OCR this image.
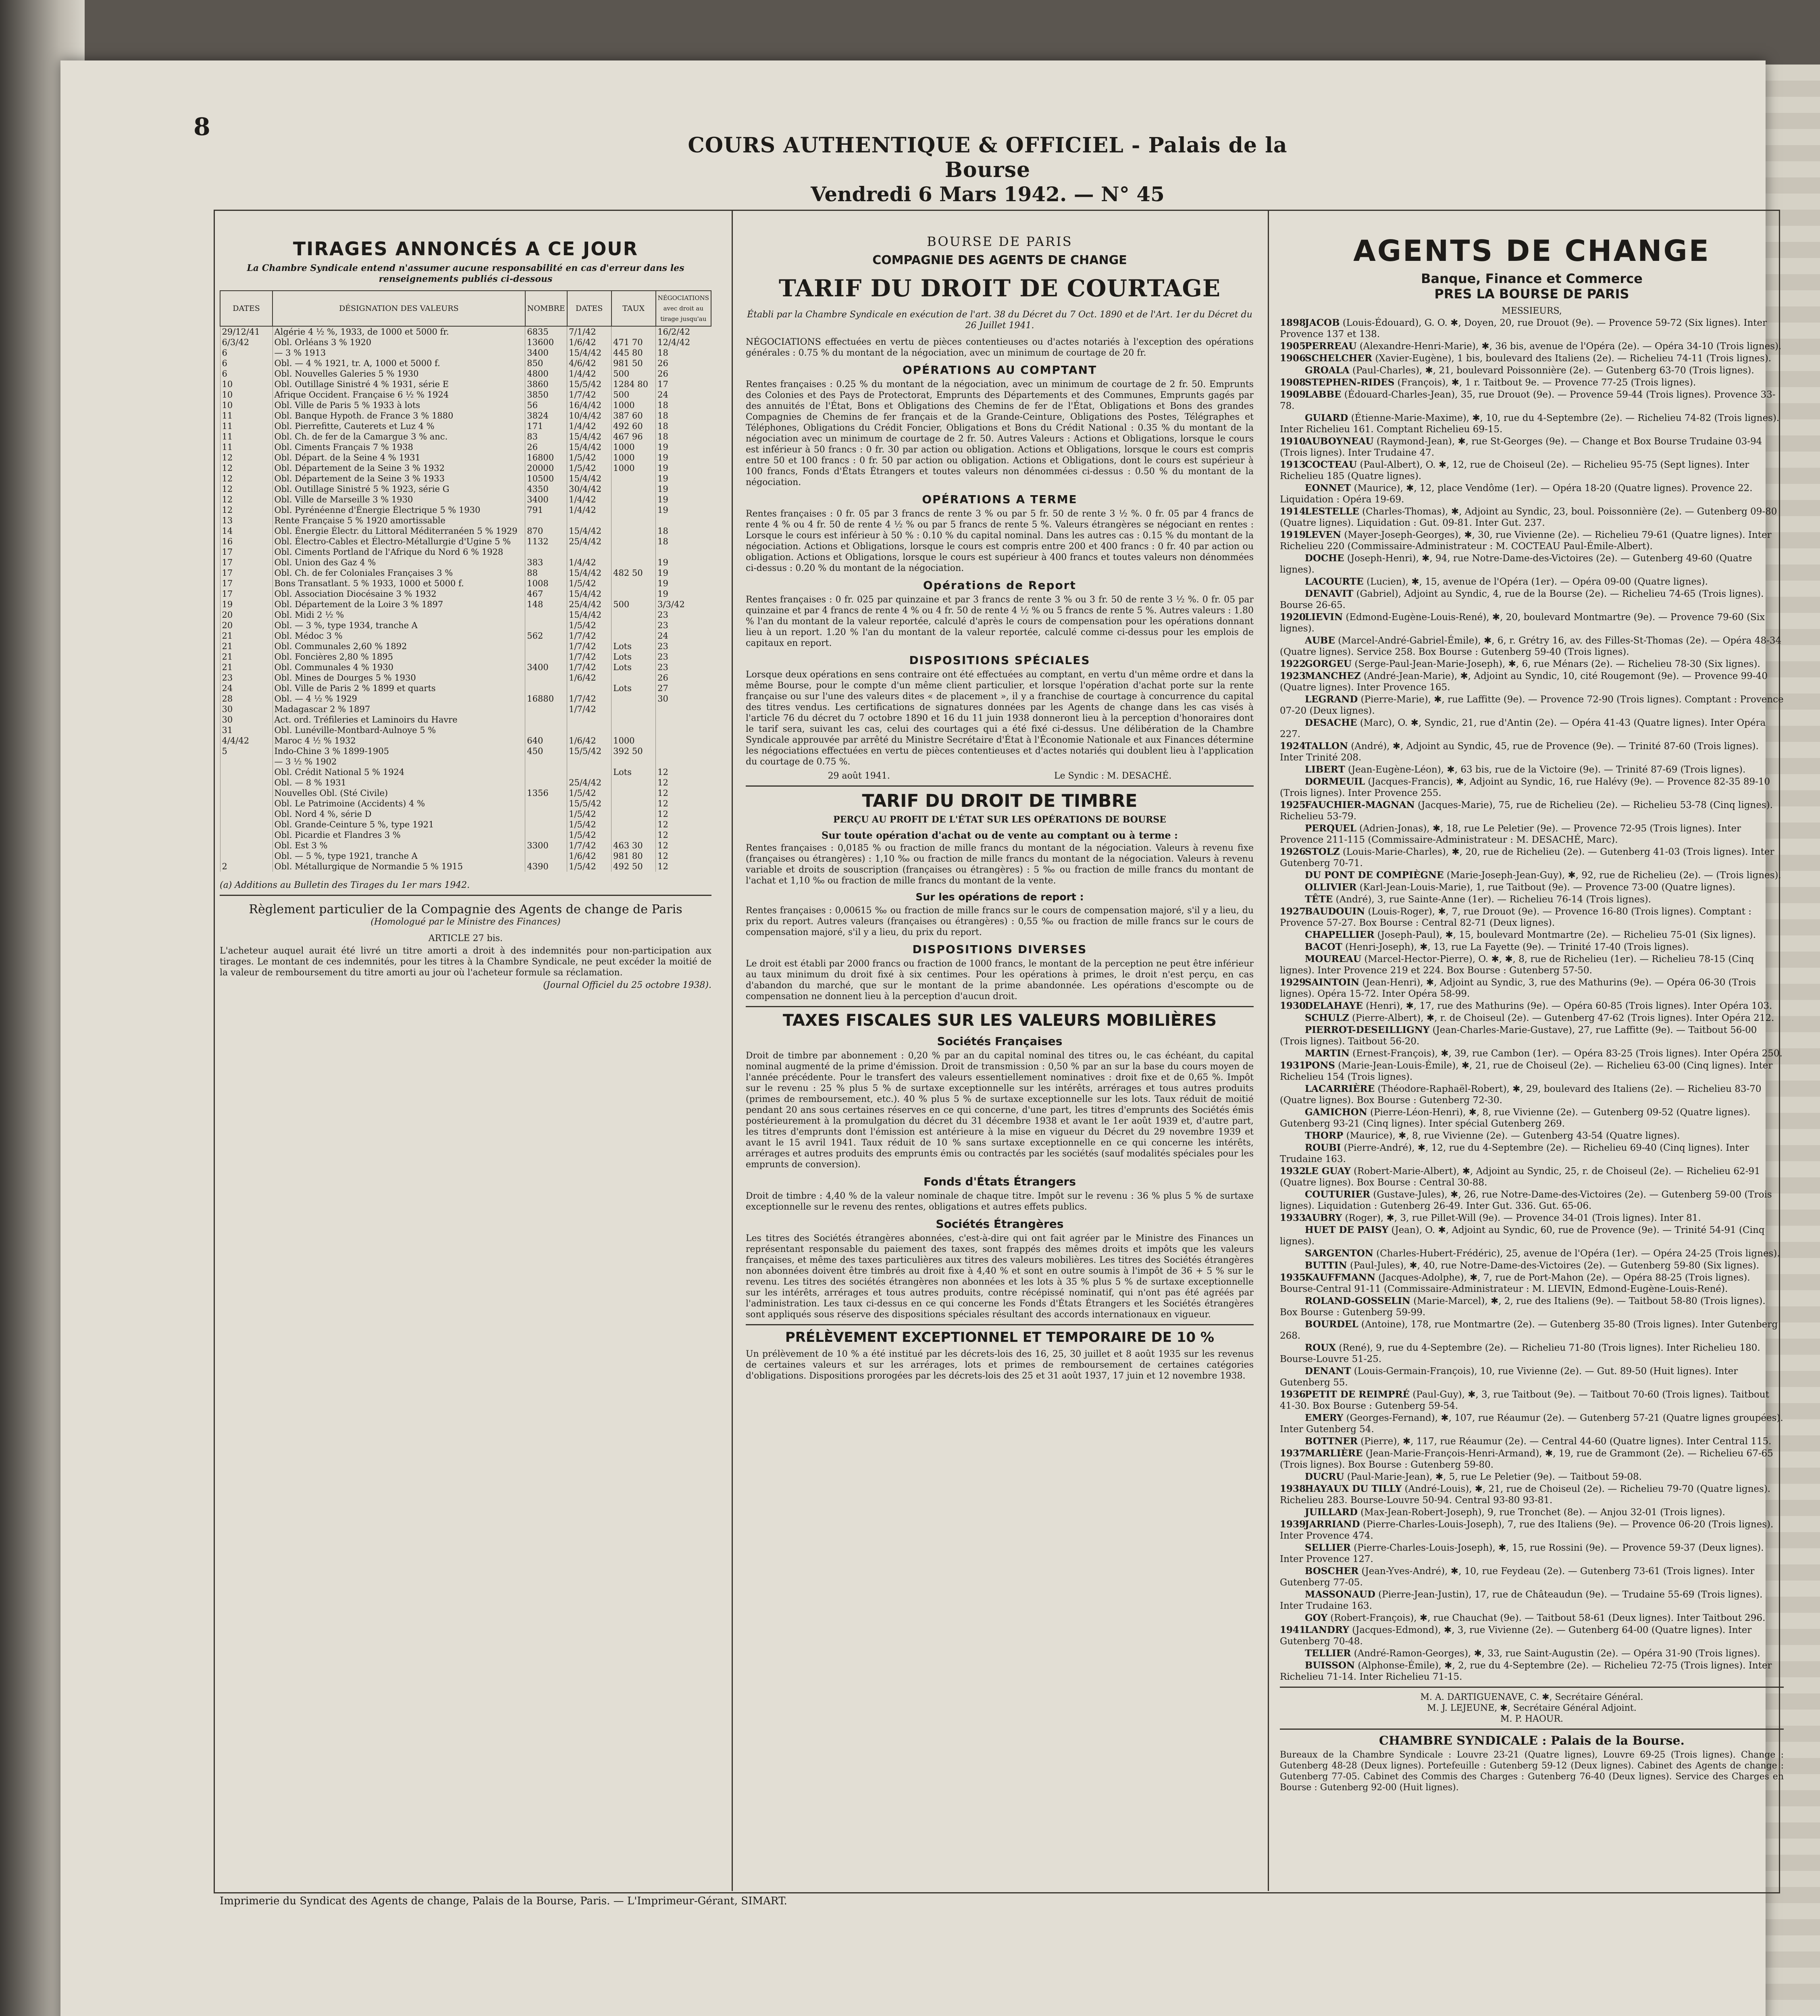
8
COURS AUTHENTIQUE & OFFICIEL - Palais de la Bourse
Vendredi 6 Mars 1942. — N° 45
TIRAGES ANNONCÉS A CE JOUR
La Chambre Syndicale entend n'assumer aucune responsabilité en cas d'erreur dans les renseignements publiés ci-dessous
DATES	DÉSIGNATION DES VALEURS	NOMBRE	DATES	TAUX	NÉGOCIATIONS avec droit au tirage jusqu'au
29/12/41	Algérie 4 ½ %, 1933, de 1000 et 5000 fr.	6835	7/1/42		16/2/42
6/3/42	Obl. Orléans 3 % 1920	13600	1/6/42	471 70	12/4/42
6	— 3 % 1913	3400	15/4/42	445 80	18
6	Obl. — 4 % 1921, tr. A, 1000 et 5000 f.	850	4/6/42	981 50	26
6	Obl. Nouvelles Galeries 5 % 1930	4800	1/4/42	500	26
10	Obl. Outillage Sinistré 4 % 1931, série E	3860	15/5/42	1284 80	17
10	Afrique Occident. Française 6 ½ % 1924	3850	1/7/42	500	24
10	Obl. Ville de Paris 5 % 1933 à lots	56	16/4/42	1000	18
11	Obl. Banque Hypoth. de France 3 % 1880	3824	10/4/42	387 60	18
11	Obl. Pierrefitte, Cauterets et Luz 4 %	171	1/4/42	492 60	18
11	Obl. Ch. de fer de la Camargue 3 % anc.	83	15/4/42	467 96	18
11	Obl. Ciments Français 7 % 1938	26	15/4/42	1000	19
12	Obl. Départ. de la Seine 4 % 1931	16800	1/5/42	1000	19
12	Obl. Département de la Seine 3 % 1932	20000	1/5/42	1000	19
12	Obl. Département de la Seine 3 % 1933	10500	15/4/42		19
12	Obl. Outillage Sinistré 5 % 1923, série G	4350	30/4/42		19
12	Obl. Ville de Marseille 3 % 1930	3400	1/4/42		19
12	Obl. Pyrénéenne d'Énergie Électrique 5 % 1930	791	1/4/42		19
13	Rente Française 5 % 1920 amortissable				
14	Obl. Énergie Électr. du Littoral Méditerranéen 5 % 1929	870	15/4/42		18
16	Obl. Électro-Cables et Électro-Métallurgie d'Ugine 5 %	1132	25/4/42		18
17	Obl. Ciments Portland de l'Afrique du Nord 6 % 1928				
17	Obl. Union des Gaz 4 %	383	1/4/42		19
17	Obl. Ch. de fer Coloniales Françaises 3 %	88	15/4/42	482 50	19
17	Bons Transatlant. 5 % 1933, 1000 et 5000 f.	1008	1/5/42		19
17	Obl. Association Diocésaine 3 % 1932	467	15/4/42		19
19	Obl. Département de la Loire 3 % 1897	148	25/4/42	500	3/3/42
20	Obl. Midi 2 ½ %		15/4/42		23
20	Obl. — 3 %, type 1934, tranche A		1/5/42		23
21	Obl. Médoc 3 %	562	1/7/42		24
21	Obl. Communales 2,60 % 1892		1/7/42	Lots	23
21	Obl. Foncières 2,80 % 1895		1/7/42	Lots	23
21	Obl. Communales 4 % 1930	3400	1/7/42	Lots	23
23	Obl. Mines de Dourges 5 % 1930		1/6/42		26
24	Obl. Ville de Paris 2 % 1899 et quarts			Lots	27
28	Obl. — 4 ½ % 1929	16880	1/7/42		30
30	Madagascar 2 % 1897		1/7/42		
30	Act. ord. Tréfileries et Laminoirs du Havre				
31	Obl. Lunéville-Montbard-Aulnoye 5 %				
4/4/42	Maroc 4 ½ % 1932	640	1/6/42	1000	
5	Indo-Chine 3 % 1899-1905	450	15/5/42	392 50	
	— 3 ½ % 1902				
	Obl. Crédit National 5 % 1924			Lots	12
	Obl. — 8 % 1931		25/4/42		12
	Nouvelles Obl. (Sté Civile)	1356	1/5/42		12
	Obl. Le Patrimoine (Accidents) 4 %		15/5/42		12
	Obl. Nord 4 %, série D		1/5/42		12
	Obl. Grande-Ceinture 5 %, type 1921		1/5/42		12
	Obl. Picardie et Flandres 3 %		1/5/42		12
	Obl. Est 3 %	3300	1/7/42	463 30	12
	Obl. — 5 %, type 1921, tranche A		1/6/42	981 80	12
2	Obl. Métallurgique de Normandie 5 % 1915	4390	1/5/42	492 50	12
(a) Additions au Bulletin des Tirages du 1er mars 1942.
Règlement particulier de la Compagnie des Agents de change de Paris
(Homologué par le Ministre des Finances)
ARTICLE 27 bis.
L'acheteur auquel aurait été livré un titre amorti a droit à des indemnités pour non-participation aux tirages. Le montant de ces indemnités, pour les titres à la Chambre Syndicale, ne peut excéder la moitié de la valeur de remboursement du titre amorti au jour où l'acheteur formule sa réclamation.
(Journal Officiel du 25 octobre 1938).
BOURSE DE PARIS
COMPAGNIE DES AGENTS DE CHANGE
TARIF DU DROIT DE COURTAGE
Établi par la Chambre Syndicale en exécution de l'art. 38 du Décret du 7 Oct. 1890 et de l'Art. 1er du Décret du 26 Juillet 1941.
NÉGOCIATIONS effectuées en vertu de pièces contentieuses ou d'actes notariés à l'exception des opérations générales : 0.75 % du montant de la négociation, avec un minimum de courtage de 20 fr.
OPÉRATIONS AU COMPTANT
Rentes françaises : 0.25 % du montant de la négociation, avec un minimum de courtage de 2 fr. 50. Emprunts des Colonies et des Pays de Protectorat, Emprunts des Départements et des Communes, Emprunts gagés par des annuités de l'État, Bons et Obligations des Chemins de fer de l'État, Obligations et Bons des grandes Compagnies de Chemins de fer français et de la Grande-Ceinture, Obligations des Postes, Télégraphes et Téléphones, Obligations du Crédit Foncier, Obligations et Bons du Crédit National : 0.35 % du montant de la négociation avec un minimum de courtage de 2 fr. 50. Autres Valeurs : Actions et Obligations, lorsque le cours est inférieur à 50 francs : 0 fr. 30 par action ou obligation. Actions et Obligations, lorsque le cours est compris entre 50 et 100 francs : 0 fr. 50 par action ou obligation. Actions et Obligations, dont le cours est supérieur à 100 francs, Fonds d'États Étrangers et toutes valeurs non dénommées ci-dessus : 0.50 % du montant de la négociation.
OPÉRATIONS A TERME
Rentes françaises : 0 fr. 05 par 3 francs de rente 3 % ou par 5 fr. 50 de rente 3 ½ %. 0 fr. 05 par 4 francs de rente 4 % ou 4 fr. 50 de rente 4 ½ % ou par 5 francs de rente 5 %. Valeurs étrangères se négociant en rentes : Lorsque le cours est inférieur à 50 % : 0.10 % du capital nominal. Dans les autres cas : 0.15 % du montant de la négociation. Actions et Obligations, lorsque le cours est compris entre 200 et 400 francs : 0 fr. 40 par action ou obligation. Actions et Obligations, lorsque le cours est supérieur à 400 francs et toutes valeurs non dénommées ci-dessus : 0.20 % du montant de la négociation.
Opérations de Report
Rentes françaises : 0 fr. 025 par quinzaine et par 3 francs de rente 3 % ou 3 fr. 50 de rente 3 ½ %. 0 fr. 05 par quinzaine et par 4 francs de rente 4 % ou 4 fr. 50 de rente 4 ½ % ou 5 francs de rente 5 %. Autres valeurs : 1.80 % l'an du montant de la valeur reportée, calculé d'après le cours de compensation pour les opérations donnant lieu à un report. 1.20 % l'an du montant de la valeur reportée, calculé comme ci-dessus pour les emplois de capitaux en report.
DISPOSITIONS SPÉCIALES
Lorsque deux opérations en sens contraire ont été effectuées au comptant, en vertu d'un même ordre et dans la même Bourse, pour le compte d'un même client particulier, et lorsque l'opération d'achat porte sur la rente française ou sur l'une des valeurs dites « de placement », il y a franchise de courtage à concurrence du capital des titres vendus. Les certifications de signatures données par les Agents de change dans les cas visés à l'article 76 du décret du 7 octobre 1890 et 16 du 11 juin 1938 donneront lieu à la perception d'honoraires dont le tarif sera, suivant les cas, celui des courtages qui a été fixé ci-dessus. Une délibération de la Chambre Syndicale approuvée par arrêté du Ministre Secrétaire d'État à l'Économie Nationale et aux Finances détermine les négociations effectuées en vertu de pièces contentieuses et d'actes notariés qui doublent lieu à l'application du courtage de 0.75 %.
29 août 1941.	Le Syndic : M. DESACHÉ.
TARIF DU DROIT DE TIMBRE
PERÇU AU PROFIT DE L'ÉTAT SUR LES OPÉRATIONS DE BOURSE
Sur toute opération d'achat ou de vente au comptant ou à terme :
Rentes françaises : 0,0185 % ou fraction de mille francs du montant de la négociation. Valeurs à revenu fixe (françaises ou étrangères) : 1,10 ‰ ou fraction de mille francs du montant de la négociation. Valeurs à revenu variable et droits de souscription (françaises ou étrangères) : 5 ‰ ou fraction de mille francs du montant de l'achat et 1,10 ‰ ou fraction de mille francs du montant de la vente.
Sur les opérations de report :
Rentes françaises : 0,00615 ‰ ou fraction de mille francs sur le cours de compensation majoré, s'il y a lieu, du prix du report. Autres valeurs (françaises ou étrangères) : 0,55 ‰ ou fraction de mille francs sur le cours de compensation majoré, s'il y a lieu, du prix du report.
DISPOSITIONS DIVERSES
Le droit est établi par 2000 francs ou fraction de 1000 francs, le montant de la perception ne peut être inférieur au taux minimum du droit fixé à six centimes. Pour les opérations à primes, le droit n'est perçu, en cas d'abandon du marché, que sur le montant de la prime abandonnée. Les opérations d'escompte ou de compensation ne donnent lieu à la perception d'aucun droit.
TAXES FISCALES SUR LES VALEURS MOBILIÈRES
Sociétés Françaises
Droit de timbre par abonnement : 0,20 % par an du capital nominal des titres ou, le cas échéant, du capital nominal augmenté de la prime d'émission. Droit de transmission : 0,50 % par an sur la base du cours moyen de l'année précédente. Pour le transfert des valeurs essentiellement nominatives : droit fixe et de 0,65 %. Impôt sur le revenu : 25 % plus 5 % de surtaxe exceptionnelle sur les intérêts, arrérages et tous autres produits (primes de remboursement, etc.). 40 % plus 5 % de surtaxe exceptionnelle sur les lots. Taux réduit de moitié pendant 20 ans sous certaines réserves en ce qui concerne, d'une part, les titres d'emprunts des Sociétés émis postérieurement à la promulgation du décret du 31 décembre 1938 et avant le 1er août 1939 et, d'autre part, les titres d'emprunts dont l'émission est antérieure à la mise en vigueur du Décret du 29 novembre 1939 et avant le 15 avril 1941. Taux réduit de 10 % sans surtaxe exceptionnelle en ce qui concerne les intérêts, arrérages et autres produits des emprunts émis ou contractés par les sociétés (sauf modalités spéciales pour les emprunts de conversion).
Fonds d'États Étrangers
Droit de timbre : 4,40 % de la valeur nominale de chaque titre. Impôt sur le revenu : 36 % plus 5 % de surtaxe exceptionnelle sur le revenu des rentes, obligations et autres effets publics.
Sociétés Étrangères
Les titres des Sociétés étrangères abonnées, c'est-à-dire qui ont fait agréer par le Ministre des Finances un représentant responsable du paiement des taxes, sont frappés des mêmes droits et impôts que les valeurs françaises, et même des taxes particulières aux titres des valeurs mobilières. Les titres des Sociétés étrangères non abonnées doivent être timbrés au droit fixe à 4,40 % et sont en outre soumis à l'impôt de 36 + 5 % sur le revenu. Les titres des sociétés étrangères non abonnées et les lots à 35 % plus 5 % de surtaxe exceptionnelle sur les intérêts, arrérages et tous autres produits, contre récépissé nominatif, qui n'ont pas été agréés par l'administration. Les taux ci-dessus en ce qui concerne les Fonds d'États Étrangers et les Sociétés étrangères sont appliqués sous réserve des dispositions spéciales résultant des accords internationaux en vigueur.
PRÉLÈVEMENT EXCEPTIONNEL ET TEMPORAIRE DE 10 %
Un prélèvement de 10 % a été institué par les décrets-lois des 16, 25, 30 juillet et 8 août 1935 sur les revenus de certaines valeurs et sur les arrérages, lots et primes de remboursement de certaines catégories d'obligations. Dispositions prorogées par les décrets-lois des 25 et 31 août 1937, 17 juin et 12 novembre 1938.
AGENTS DE CHANGE
Banque, Finance et Commerce
PRES LA BOURSE DE PARIS
MESSIEURS,
1898JACOB (Louis-Édouard), G. O. ✱, Doyen, 20, rue Drouot (9e). — Provence 59-72 (Six lignes). Inter Provence 137 et 138.
1905PERREAU (Alexandre-Henri-Marie), ✱, 36 bis, avenue de l'Opéra (2e). — Opéra 34-10 (Trois lignes).
1906SCHELCHER (Xavier-Eugène), 1 bis, boulevard des Italiens (2e). — Richelieu 74-11 (Trois lignes).
GROALA (Paul-Charles), ✱, 21, boulevard Poissonnière (2e). — Gutenberg 63-70 (Trois lignes).
1908STEPHEN-RIDES (François), ✱, 1 r. Taitbout 9e. — Provence 77-25 (Trois lignes).
1909LABBE (Édouard-Charles-Jean), 35, rue Drouot (9e). — Provence 59-44 (Trois lignes). Provence 33-78.
GUIARD (Étienne-Marie-Maxime), ✱, 10, rue du 4-Septembre (2e). — Richelieu 74-82 (Trois lignes). Inter Richelieu 161. Comptant Richelieu 69-15.
1910AUBOYNEAU (Raymond-Jean), ✱, rue St-Georges (9e). — Change et Box Bourse Trudaine 03-94 (Trois lignes). Inter Trudaine 47.
1913COCTEAU (Paul-Albert), O. ✱, 12, rue de Choiseul (2e). — Richelieu 95-75 (Sept lignes). Inter Richelieu 185 (Quatre lignes).
EONNET (Maurice), ✱, 12, place Vendôme (1er). — Opéra 18-20 (Quatre lignes). Provence 22. Liquidation : Opéra 19-69.
1914LESTELLE (Charles-Thomas), ✱, Adjoint au Syndic, 23, boul. Poissonnière (2e). — Gutenberg 09-80 (Quatre lignes). Liquidation : Gut. 09-81. Inter Gut. 237.
1919LEVEN (Mayer-Joseph-Georges), ✱, 30, rue Vivienne (2e). — Richelieu 79-61 (Quatre lignes). Inter Richelieu 220 (Commissaire-Administrateur : M. COCTEAU Paul-Émile-Albert).
DOCHE (Joseph-Henri), ✱, 94, rue Notre-Dame-des-Victoires (2e). — Gutenberg 49-60 (Quatre lignes).
LACOURTE (Lucien), ✱, 15, avenue de l'Opéra (1er). — Opéra 09-00 (Quatre lignes).
DENAVIT (Gabriel), Adjoint au Syndic, 4, rue de la Bourse (2e). — Richelieu 74-65 (Trois lignes). Bourse 26-65.
1920LIEVIN (Edmond-Eugène-Louis-René), ✱, 20, boulevard Montmartre (9e). — Provence 79-60 (Six lignes).
AUBE (Marcel-André-Gabriel-Émile), ✱, 6, r. Grétry 16, av. des Filles-St-Thomas (2e). — Opéra 48-34 (Quatre lignes). Service 258. Box Bourse : Gutenberg 59-40 (Trois lignes).
1922GORGEU (Serge-Paul-Jean-Marie-Joseph), ✱, 6, rue Ménars (2e). — Richelieu 78-30 (Six lignes).
1923MANCHEZ (André-Jean-Marie), ✱, Adjoint au Syndic, 10, cité Rougemont (9e). — Provence 99-40 (Quatre lignes). Inter Provence 165.
LEGRAND (Pierre-Marie), ✱, rue Laffitte (9e). — Provence 72-90 (Trois lignes). Comptant : Provence 07-20 (Deux lignes).
DESACHE (Marc), O. ✱, Syndic, 21, rue d'Antin (2e). — Opéra 41-43 (Quatre lignes). Inter Opéra 227.
1924TALLON (André), ✱, Adjoint au Syndic, 45, rue de Provence (9e). — Trinité 87-60 (Trois lignes). Inter Trinité 208.
LIBERT (Jean-Eugène-Léon), ✱, 63 bis, rue de la Victoire (9e). — Trinité 87-69 (Trois lignes).
DORMEUIL (Jacques-Francis), ✱, Adjoint au Syndic, 16, rue Halévy (9e). — Provence 82-35 89-10 (Trois lignes). Inter Provence 255.
1925FAUCHIER-MAGNAN (Jacques-Marie), 75, rue de Richelieu (2e). — Richelieu 53-78 (Cinq lignes). Richelieu 53-79.
PERQUEL (Adrien-Jonas), ✱, 18, rue Le Peletier (9e). — Provence 72-95 (Trois lignes). Inter Provence 211-115 (Commissaire-Administrateur : M. DESACHÉ, Marc).
1926STOLZ (Louis-Marie-Charles), ✱, 20, rue de Richelieu (2e). — Gutenberg 41-03 (Trois lignes). Inter Gutenberg 70-71.
DU PONT DE COMPIÈGNE (Marie-Joseph-Jean-Guy), ✱, 92, rue de Richelieu (2e). — (Trois lignes).
OLLIVIER (Karl-Jean-Louis-Marie), 1, rue Taitbout (9e). — Provence 73-00 (Quatre lignes).
TÊTE (André), 3, rue Sainte-Anne (1er). — Richelieu 76-14 (Trois lignes).
1927BAUDOUIN (Louis-Roger), ✱, 7, rue Drouot (9e). — Provence 16-80 (Trois lignes). Comptant : Provence 57-27. Box Bourse : Central 82-71 (Deux lignes).
CHAPELLIER (Joseph-Paul), ✱, 15, boulevard Montmartre (2e). — Richelieu 75-01 (Six lignes).
BACOT (Henri-Joseph), ✱, 13, rue La Fayette (9e). — Trinité 17-40 (Trois lignes).
MOUREAU (Marcel-Hector-Pierre), O. ✱, ✱, 8, rue de Richelieu (1er). — Richelieu 78-15 (Cinq lignes). Inter Provence 219 et 224. Box Bourse : Gutenberg 57-50.
1929SAINTOIN (Jean-Henri), ✱, Adjoint au Syndic, 3, rue des Mathurins (9e). — Opéra 06-30 (Trois lignes). Opéra 15-72. Inter Opéra 58-99.
1930DELAHAYE (Henri), ✱, 17, rue des Mathurins (9e). — Opéra 60-85 (Trois lignes). Inter Opéra 103.
SCHULZ (Pierre-Albert), ✱, r. de Choiseul (2e). — Gutenberg 47-62 (Trois lignes). Inter Opéra 212.
PIERROT-DESEILLIGNY (Jean-Charles-Marie-Gustave), 27, rue Laffitte (9e). — Taitbout 56-00 (Trois lignes). Taitbout 56-20.
MARTIN (Ernest-François), ✱, 39, rue Cambon (1er). — Opéra 83-25 (Trois lignes). Inter Opéra 250.
1931PONS (Marie-Jean-Louis-Émile), ✱, 21, rue de Choiseul (2e). — Richelieu 63-00 (Cinq lignes). Inter Richelieu 154 (Trois lignes).
LACARRIÈRE (Théodore-Raphaël-Robert), ✱, 29, boulevard des Italiens (2e). — Richelieu 83-70 (Quatre lignes). Box Bourse : Gutenberg 72-30.
GAMICHON (Pierre-Léon-Henri), ✱, 8, rue Vivienne (2e). — Gutenberg 09-52 (Quatre lignes). Gutenberg 93-21 (Cinq lignes). Inter spécial Gutenberg 269.
THORP (Maurice), ✱, 8, rue Vivienne (2e). — Gutenberg 43-54 (Quatre lignes).
ROUBI (Pierre-André), ✱, 12, rue du 4-Septembre (2e). — Richelieu 69-40 (Cinq lignes). Inter Trudaine 163.
1932LE GUAY (Robert-Marie-Albert), ✱, Adjoint au Syndic, 25, r. de Choiseul (2e). — Richelieu 62-91 (Quatre lignes). Box Bourse : Central 30-88.
COUTURIER (Gustave-Jules), ✱, 26, rue Notre-Dame-des-Victoires (2e). — Gutenberg 59-00 (Trois lignes). Liquidation : Gutenberg 26-49. Inter Gut. 336. Gut. 65-06.
1933AUBRY (Roger), ✱, 3, rue Pillet-Will (9e). — Provence 34-01 (Trois lignes). Inter 81.
HUET DE PAISY (Jean), O. ✱, Adjoint au Syndic, 60, rue de Provence (9e). — Trinité 54-91 (Cinq lignes).
SARGENTON (Charles-Hubert-Frédéric), 25, avenue de l'Opéra (1er). — Opéra 24-25 (Trois lignes).
BUTTIN (Paul-Jules), ✱, 40, rue Notre-Dame-des-Victoires (2e). — Gutenberg 59-80 (Six lignes).
1935KAUFFMANN (Jacques-Adolphe), ✱, 7, rue de Port-Mahon (2e). — Opéra 88-25 (Trois lignes). Bourse-Central 91-11 (Commissaire-Administrateur : M. LIEVIN, Edmond-Eugène-Louis-René).
ROLAND-GOSSELIN (Marie-Marcel), ✱, 2, rue des Italiens (9e). — Taitbout 58-80 (Trois lignes). Box Bourse : Gutenberg 59-99.
BOURDEL (Antoine), 178, rue Montmartre (2e). — Gutenberg 35-80 (Trois lignes). Inter Gutenberg 268.
ROUX (René), 9, rue du 4-Septembre (2e). — Richelieu 71-80 (Trois lignes). Inter Richelieu 180. Bourse-Louvre 51-25.
DENANT (Louis-Germain-François), 10, rue Vivienne (2e). — Gut. 89-50 (Huit lignes). Inter Gutenberg 55.
1936PETIT DE REIMPRÉ (Paul-Guy), ✱, 3, rue Taitbout (9e). — Taitbout 70-60 (Trois lignes). Taitbout 41-30. Box Bourse : Gutenberg 59-54.
EMERY (Georges-Fernand), ✱, 107, rue Réaumur (2e). — Gutenberg 57-21 (Quatre lignes groupées). Inter Gutenberg 54.
BOTTNER (Pierre), ✱, 117, rue Réaumur (2e). — Central 44-60 (Quatre lignes). Inter Central 115.
1937MARLIÈRE (Jean-Marie-François-Henri-Armand), ✱, 19, rue de Grammont (2e). — Richelieu 67-65 (Trois lignes). Box Bourse : Gutenberg 59-80.
DUCRU (Paul-Marie-Jean), ✱, 5, rue Le Peletier (9e). — Taitbout 59-08.
1938HAYAUX DU TILLY (André-Louis), ✱, 21, rue de Choiseul (2e). — Richelieu 79-70 (Quatre lignes). Richelieu 283. Bourse-Louvre 50-94. Central 93-80 93-81.
JUILLARD (Max-Jean-Robert-Joseph), 9, rue Tronchet (8e). — Anjou 32-01 (Trois lignes).
1939JARRIAND (Pierre-Charles-Louis-Joseph), 7, rue des Italiens (9e). — Provence 06-20 (Trois lignes). Inter Provence 474.
SELLIER (Pierre-Charles-Louis-Joseph), ✱, 15, rue Rossini (9e). — Provence 59-37 (Deux lignes). Inter Provence 127.
BOSCHER (Jean-Yves-André), ✱, 10, rue Feydeau (2e). — Gutenberg 73-61 (Trois lignes). Inter Gutenberg 77-05.
MASSONAUD (Pierre-Jean-Justin), 17, rue de Châteaudun (9e). — Trudaine 55-69 (Trois lignes). Inter Trudaine 163.
GOY (Robert-François), ✱, rue Chauchat (9e). — Taitbout 58-61 (Deux lignes). Inter Taitbout 296.
1941LANDRY (Jacques-Edmond), ✱, 3, rue Vivienne (2e). — Gutenberg 64-00 (Quatre lignes). Inter Gutenberg 70-48.
TELLIER (André-Ramon-Georges), ✱, 33, rue Saint-Augustin (2e). — Opéra 31-90 (Trois lignes).
BUISSON (Alphonse-Émile), ✱, 2, rue du 4-Septembre (2e). — Richelieu 72-75 (Trois lignes). Inter Richelieu 71-14. Inter Richelieu 71-15.
M. A. DARTIGUENAVE, C. ✱, Secrétaire Général.
M. J. LEJEUNE, ✱, Secrétaire Général Adjoint.
M. P. HAOUR.
CHAMBRE SYNDICALE : Palais de la Bourse.
Bureaux de la Chambre Syndicale : Louvre 23-21 (Quatre lignes), Louvre 69-25 (Trois lignes). Change : Gutenberg 48-28 (Deux lignes). Portefeuille : Gutenberg 59-12 (Deux lignes). Cabinet des Agents de change : Gutenberg 77-05. Cabinet des Commis des Charges : Gutenberg 76-40 (Deux lignes). Service des Charges en Bourse : Gutenberg 92-00 (Huit lignes).
Imprimerie du Syndicat des Agents de change, Palais de la Bourse, Paris. — L'Imprimeur-Gérant, SIMART.
